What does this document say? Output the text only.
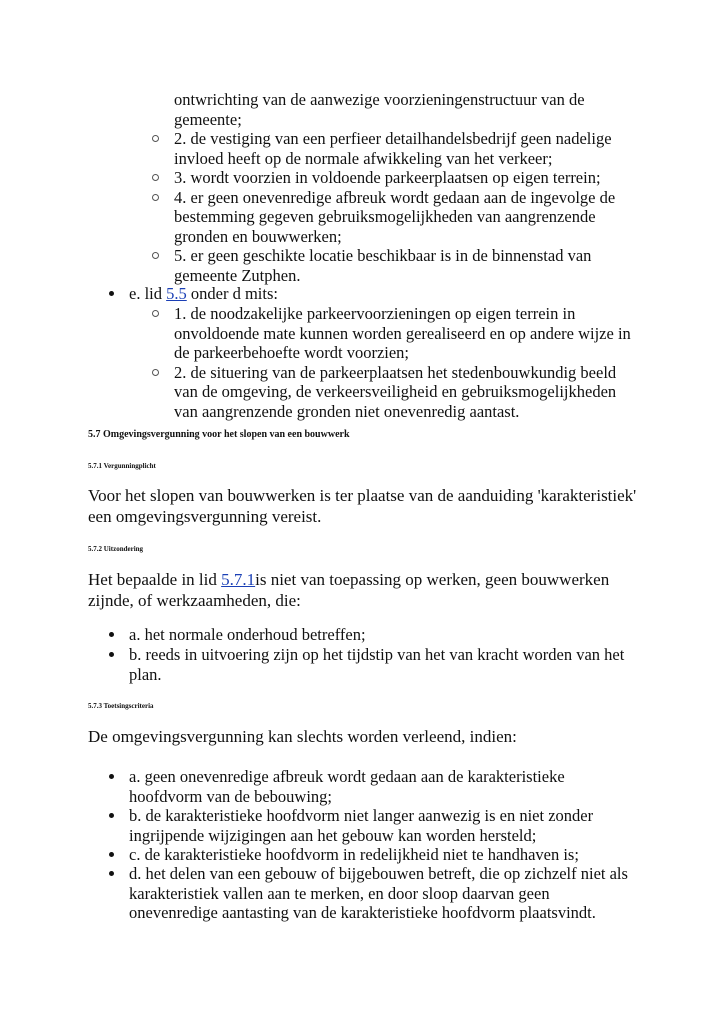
ontwrichting van de aanwezige voorzieningenstructuur van de gemeente;
2. de vestiging van een perfieer detailhandelsbedrijf geen nadelige invloed heeft op de normale afwikkeling van het verkeer;
3. wordt voorzien in voldoende parkeerplaatsen op eigen terrein;
4. er geen onevenredige afbreuk wordt gedaan aan de ingevolge de bestemming gegeven gebruiksmogelijkheden van aangrenzende gronden en bouwwerken;
5. er geen geschikte locatie beschikbaar is in de binnenstad van gemeente Zutphen.
e. lid 5.5 onder d mits:
1. de noodzakelijke parkeervoorzieningen op eigen terrein in onvoldoende mate kunnen worden gerealiseerd en op andere wijze in de parkeerbehoefte wordt voorzien;
2. de situering van de parkeerplaatsen het stedenbouwkundig beeld van de omgeving, de verkeersveiligheid en gebruiksmogelijkheden van aangrenzende gronden niet onevenredig aantast.
5.7 Omgevingsvergunning voor het slopen van een bouwwerk
5.7.1 Vergunningplicht
Voor het slopen van bouwwerken is ter plaatse van de aanduiding 'karakteristiek' een omgevingsvergunning vereist.
5.7.2 Uitzondering
Het bepaalde in lid 5.7.1is niet van toepassing op werken, geen bouwwerken zijnde, of werkzaamheden, die:
a. het normale onderhoud betreffen;
b. reeds in uitvoering zijn op het tijdstip van het van kracht worden van het plan.
5.7.3 Toetsingscriteria
De omgevingsvergunning kan slechts worden verleend, indien:
a. geen onevenredige afbreuk wordt gedaan aan de karakteristieke hoofdvorm van de bebouwing;
b. de karakteristieke hoofdvorm niet langer aanwezig is en niet zonder ingrijpende wijzigingen aan het gebouw kan worden hersteld;
c. de karakteristieke hoofdvorm in redelijkheid niet te handhaven is;
d. het delen van een gebouw of bijgebouwen betreft, die op zichzelf niet als karakteristiek vallen aan te merken, en door sloop daarvan geen onevenredige aantasting van de karakteristieke hoofdvorm plaatsvindt.
